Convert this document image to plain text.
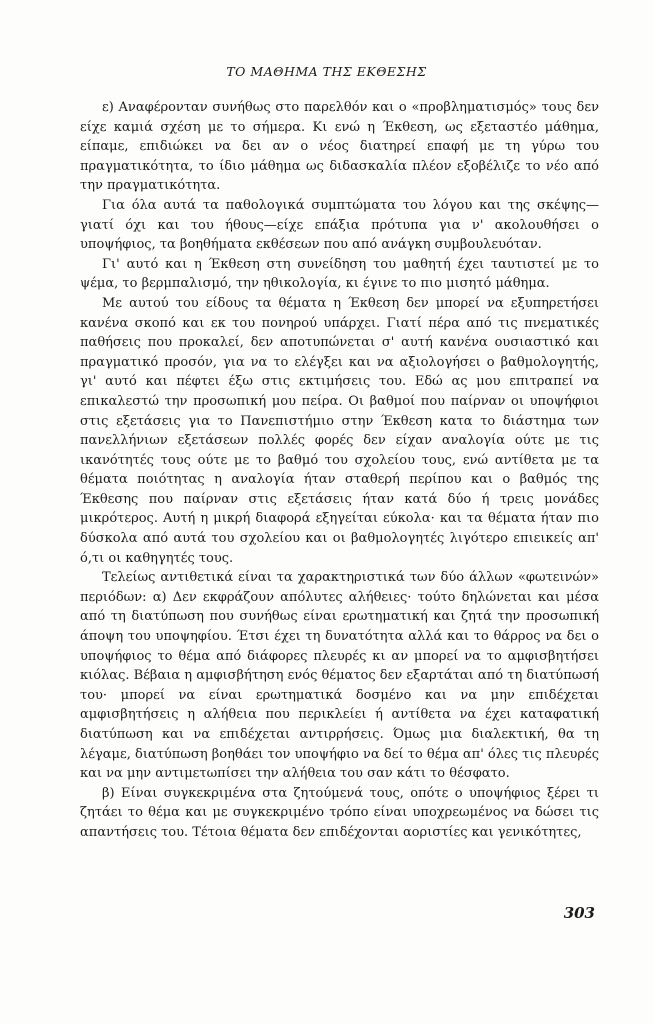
ΤΟ ΜΑΘΗΜΑ ΤΗΣ ΕΚΘΕΣΗΣ

ε) Αναφέρονταν συνήθως στο παρελθόν και ο «προβληματισμός» τους δεν είχε καμιά σχέση με το σήμερα. Κι ενώ η Έκθεση, ως εξεταστέο μάθημα, είπαμε, επιδιώκει να δει αν ο νέος διατηρεί επαφή με τη γύρω του πραγματικότητα, το ίδιο μάθημα ως διδασκαλία πλέον εξοβέλιζε το νέο από την πραγματικότητα.

Για όλα αυτά τα παθολογικά συμπτώματα του λόγου και της σκέψης—γιατί όχι και του ήθους—είχε επάξια πρότυπα για ν' ακολουθήσει ο υποψήφιος, τα βοηθήματα εκθέσεων που από ανάγκη συμβουλευόταν.

Γι' αυτό και η Έκθεση στη συνείδηση του μαθητή έχει ταυτιστεί με το ψέμα, το βερμπαλισμό, την ηθικολογία, κι έγινε το πιο μισητό μάθημα.

Με αυτού του είδους τα θέματα η Έκθεση δεν μπορεί να εξυπηρετήσει κανένα σκοπό και εκ του πονηρού υπάρχει. Γιατί πέρα από τις πνεματικές παθήσεις που προκαλεί, δεν αποτυπώνεται σ' αυτή κανένα ουσιαστικό και πραγματικό προσόν, για να το ελέγξει και να αξιολογήσει ο βαθμολογητής, γι' αυτό και πέφτει έξω στις εκτιμήσεις του. Εδώ ας μου επιτραπεί να επικαλεστώ την προσωπική μου πείρα. Οι βαθμοί που παίρναν οι υποψήφιοι στις εξετάσεις για το Πανεπιστήμιο στην Έκθεση κατα το διάστημα των πανελλήνιων εξετάσεων πολλές φορές δεν είχαν αναλογία ούτε με τις ικανότητές τους ούτε με το βαθμό του σχολείου τους, ενώ αντίθετα με τα θέματα ποιότητας η αναλογία ήταν σταθερή περίπου και ο βαθμός της Έκθεσης που παίρναν στις εξετάσεις ήταν κατά δύο ή τρεις μονάδες μικρότερος. Αυτή η μικρή διαφορά εξηγείται εύκολα· και τα θέματα ήταν πιο δύσκολα από αυτά του σχολείου και οι βαθμολογητές λιγότερο επιεικείς απ' ό,τι οι καθηγητές τους.

Τελείως αντιθετικά είναι τα χαρακτηριστικά των δύο άλλων «φωτεινών» περιόδων: α) Δεν εκφράζουν απόλυτες αλήθειες· τούτο δηλώνεται και μέσα από τη διατύπωση που συνήθως είναι ερωτηματική και ζητά την προσωπική άποψη του υποψηφίου. Έτσι έχει τη δυνατότητα αλλά και το θάρρος να δει ο υποψήφιος το θέμα από διάφορες πλευρές κι αν μπορεί να το αμφισβητήσει κιόλας. Βέβαια η αμφισβήτηση ενός θέματος δεν εξαρτάται από τη διατύπωσή του· μπορεί να είναι ερωτηματικά δοσμένο και να μην επιδέχεται αμφισβητήσεις η αλήθεια που περικλείει ή αντίθετα να έχει καταφατική διατύπωση και να επιδέχεται αντιρρήσεις. Όμως μια διαλεκτική, θα τη λέγαμε, διατύπωση βοηθάει τον υποψήφιο να δεί το θέμα απ' όλες τις πλευρές και να μην αντιμετωπίσει την αλήθεια του σαν κάτι το θέσφατο.

β) Είναι συγκεκριμένα στα ζητούμενά τους, οπότε ο υποψήφιος ξέρει τι ζητάει το θέμα και με συγκεκριμένο τρόπο είναι υποχρεωμένος να δώσει τις απαντήσεις του. Τέτοια θέματα δεν επιδέχονται αοριστίες και γενικότητες,

303
